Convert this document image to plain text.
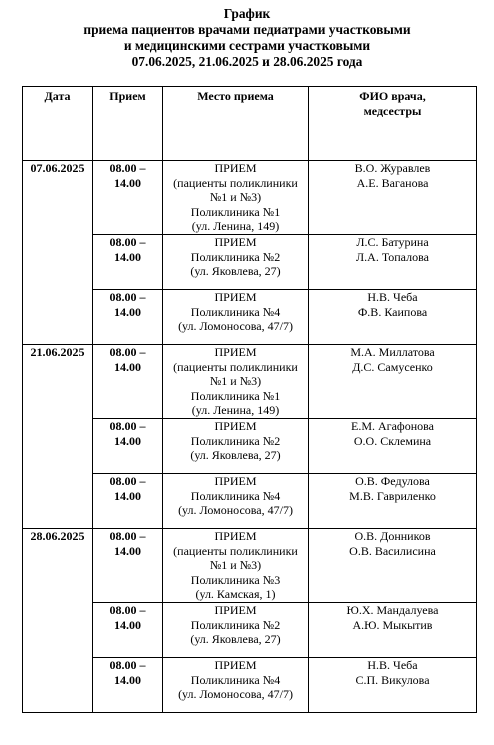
График
приема пациентов врачами педиатрами участковыми
и медицинскими сестрами участковыми
07.06.2025, 21.06.2025 и 28.06.2025 года
Дата	Прием	Место приема	ФИО врача,
медсестры

07.06.2025	08.00 –
14.00	ПРИЕМ
(пациенты поликлиники
№1 и №3)
Поликлиника №1
(ул. Ленина, 149)	В.О. Журавлев
А.Е. Ваганова

	08.00 –
14.00	ПРИЕМ
Поликлиника №2
(ул. Яковлева, 27)	Л.С. Батурина
Л.А. Топалова

	08.00 –
14.00	ПРИЕМ
Поликлиника №4
(ул. Ломоносова, 47/7)	Н.В. Чеба
Ф.В. Каипова

21.06.2025	08.00 –
14.00	ПРИЕМ
(пациенты поликлиники
№1 и №3)
Поликлиника №1
(ул. Ленина, 149)	М.А. Миллатова
Д.С. Самусенко

	08.00 –
14.00	ПРИЕМ
Поликлиника №2
(ул. Яковлева, 27)	Е.М. Агафонова
О.О. Склемина

	08.00 –
14.00	ПРИЕМ
Поликлиника №4
(ул. Ломоносова, 47/7)	О.В. Федулова
М.В. Гавриленко

28.06.2025	08.00 –
14.00	ПРИЕМ
(пациенты поликлиники
№1 и №3)
Поликлиника №3
(ул. Камская, 1)	О.В. Донников
О.В. Василисина

	08.00 –
14.00	ПРИЕМ
Поликлиника №2
(ул. Яковлева, 27)	Ю.Х. Мандалуева
А.Ю. Мыкытив

	08.00 –
14.00	ПРИЕМ
Поликлиника №4
(ул. Ломоносова, 47/7)	Н.В. Чеба
С.П. Викулова
